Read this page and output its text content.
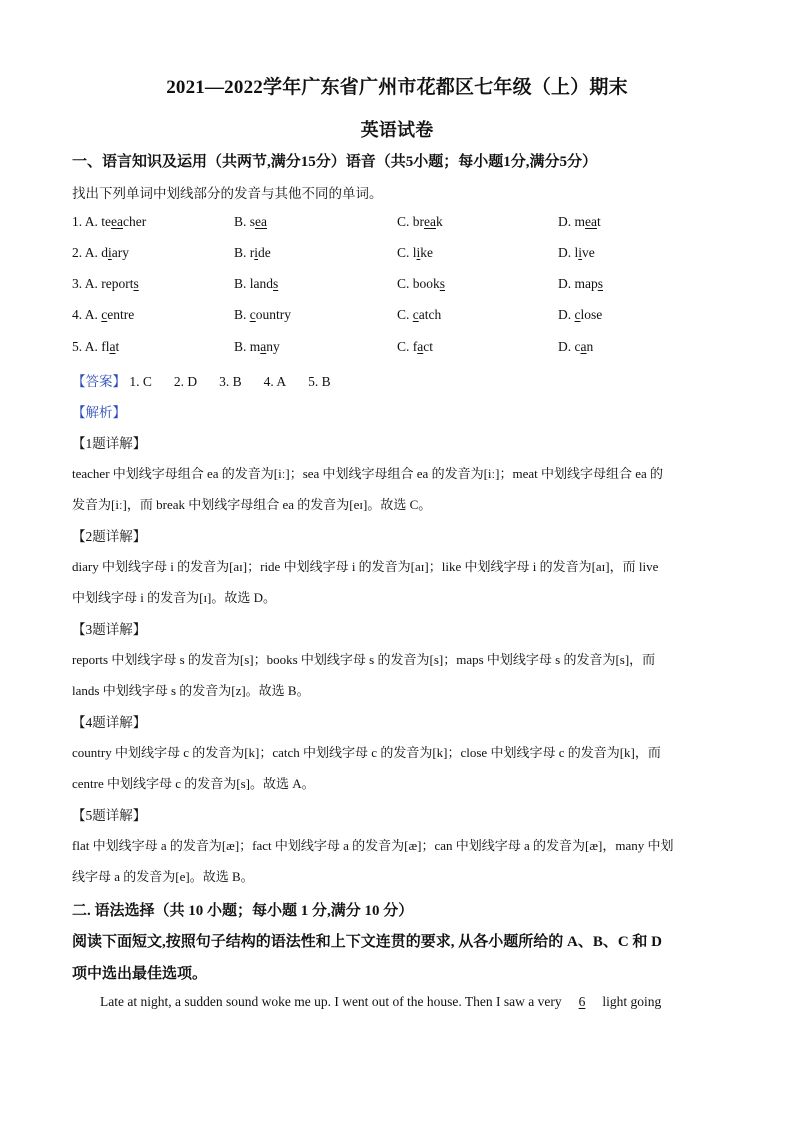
2021—2022学年广东省广州市花都区七年级（上）期末
英语试卷
一、语言知识及运用（共两节,满分15分）语音（共5小题；每小题1分,满分5分）
找出下列单词中划线部分的发音与其他不同的单词。
1. A. teeacher	B. sea	C. break	D. meat
2. A. diary	B. ride	C. like	D. live
3. A. reports	B. lands	C. books	D. maps
4. A. centre	B. country	C. catch	D. close
5. A. flat	B. many	C. fact	D. can
【答案】 1. C 2. D 3. B 4. A 5. B
【解析】
【1题详解】
teacher 中划线字母组合 ea 的发音为[iː]；sea 中划线字母组合 ea 的发音为[iː]；meat 中划线字母组合 ea 的
发音为[iː]，而 break 中划线字母组合 ea 的发音为[eɪ]。故选 C。
【2题详解】
diary 中划线字母 i 的发音为[aɪ]；ride 中划线字母 i 的发音为[aɪ]；like 中划线字母 i 的发音为[aɪ]，而 live
中划线字母 i 的发音为[ɪ]。故选 D。
【3题详解】
reports 中划线字母 s 的发音为[s]；books 中划线字母 s 的发音为[s]；maps 中划线字母 s 的发音为[s]，而
lands 中划线字母 s 的发音为[z]。故选 B。
【4题详解】
country 中划线字母 c 的发音为[k]；catch 中划线字母 c 的发音为[k]；close 中划线字母 c 的发音为[k]，而
centre 中划线字母 c 的发音为[s]。故选 A。
【5题详解】
flat 中划线字母 a 的发音为[æ]；fact 中划线字母 a 的发音为[æ]；can 中划线字母 a 的发音为[æ]，many 中划
线字母 a 的发音为[e]。故选 B。
二. 语法选择（共 10 小题；每小题 1 分,满分 10 分）
阅读下面短文,按照句子结构的语法性和上下文连贯的要求, 从各小题所给的 A、B、C 和 D
项中选出最佳选项。
Late at night, a sudden sound woke me up. I went out of the house. Then I saw a very 6 light going
